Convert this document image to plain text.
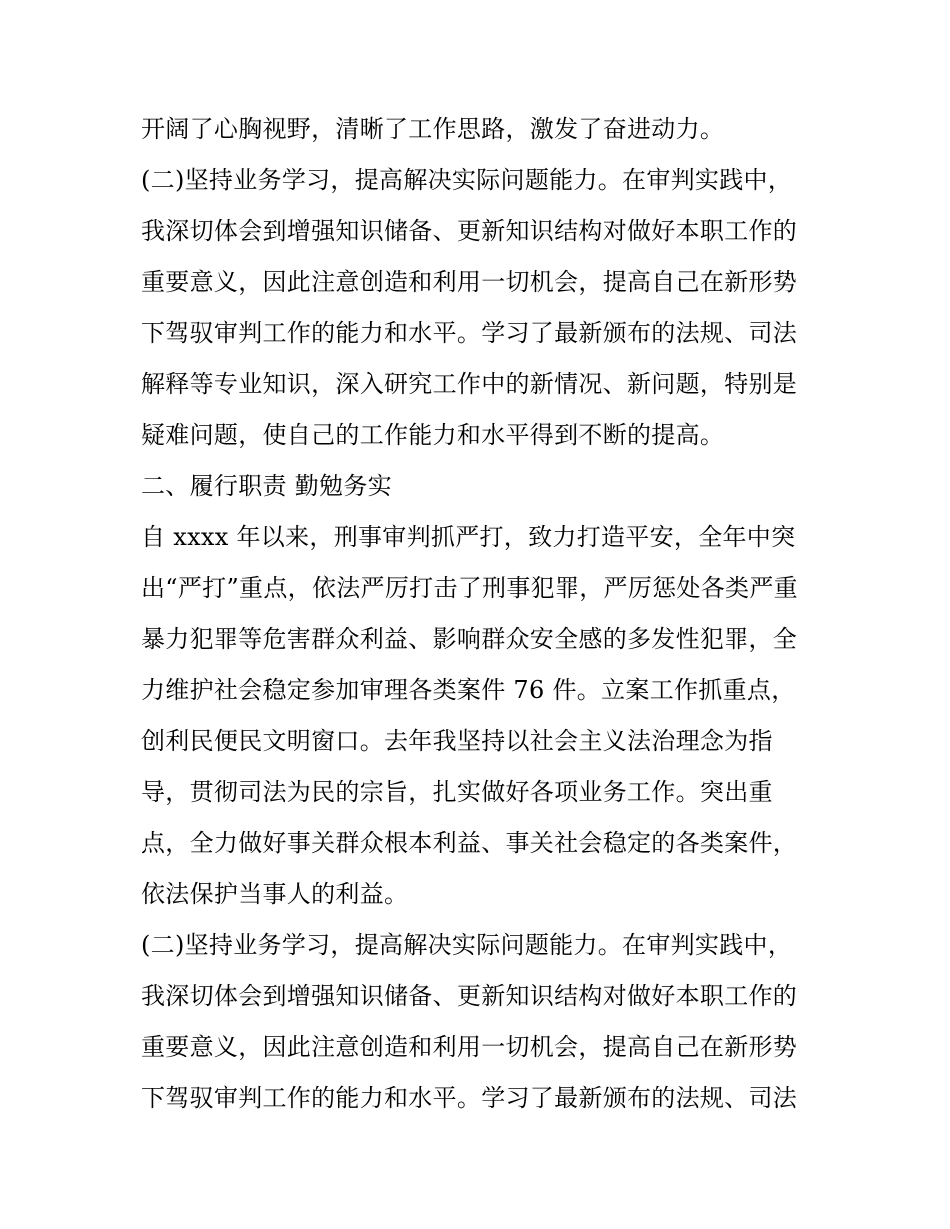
开阔了心胸视野，清晰了工作思路，激发了奋进动力。
(二)坚持业务学习，提高解决实际问题能力。在审判实践中，
我深切体会到增强知识储备、更新知识结构对做好本职工作的
重要意义，因此注意创造和利用一切机会，提高自己在新形势
下驾驭审判工作的能力和水平。学习了最新颁布的法规、司法
解释等专业知识，深入研究工作中的新情况、新问题，特别是
疑难问题，使自己的工作能力和水平得到不断的提高。
二、履行职责 勤勉务实
自 xxxx 年以来，刑事审判抓严打，致力打造平安，全年中突
出“严打”重点，依法严厉打击了刑事犯罪，严厉惩处各类严重
暴力犯罪等危害群众利益、影响群众安全感的多发性犯罪，全
力维护社会稳定参加审理各类案件 76 件。立案工作抓重点，
创利民便民文明窗口。去年我坚持以社会主义法治理念为指
导，贯彻司法为民的宗旨，扎实做好各项业务工作。突出重
点，全力做好事关群众根本利益、事关社会稳定的各类案件，
依法保护当事人的利益。
(二)坚持业务学习，提高解决实际问题能力。在审判实践中，
我深切体会到增强知识储备、更新知识结构对做好本职工作的
重要意义，因此注意创造和利用一切机会，提高自己在新形势
下驾驭审判工作的能力和水平。学习了最新颁布的法规、司法
